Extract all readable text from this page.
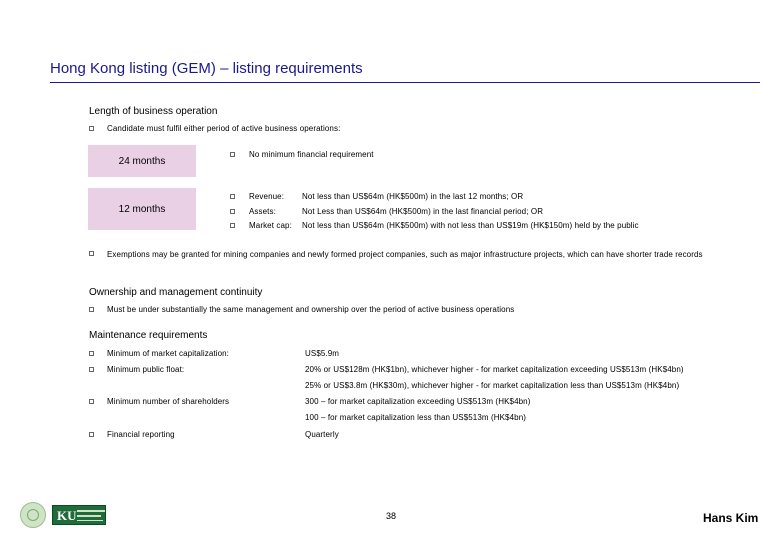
Hong Kong listing (GEM) – listing requirements
Length of business operation
Candidate must fulfil either period of active business operations:
24 months
No minimum financial requirement
12 months
Revenue: Not less than US$64m (HK$500m) in the last 12 months; OR
Assets:	Not Less than US$64m (HK$500m) in the last financial period; OR
Market cap: Not less than US$64m (HK$500m) with not less than US$19m (HK$150m) held by the public
Exemptions may be granted for mining companies and newly formed project companies, such as major infrastructure projects, which can have shorter trade records
Ownership and management continuity
Must be under substantially the same management and ownership over the period of active business operations
Maintenance requirements
Minimum of market capitalization:	US$5.9m
Minimum public float:	20% or US$128m (HK$1bn), whichever higher - for market capitalization exceeding US$513m (HK$4bn)
25% or US$3.8m (HK$30m), whichever higher - for market capitalization less than US$513m (HK$4bn)
Minimum number of shareholders	300 – for market capitalization exceeding US$513m (HK$4bn)
100 – for market capitalization less than US$513m (HK$4bn)
Financial reporting	Quarterly
KU	38	Hans Kim
